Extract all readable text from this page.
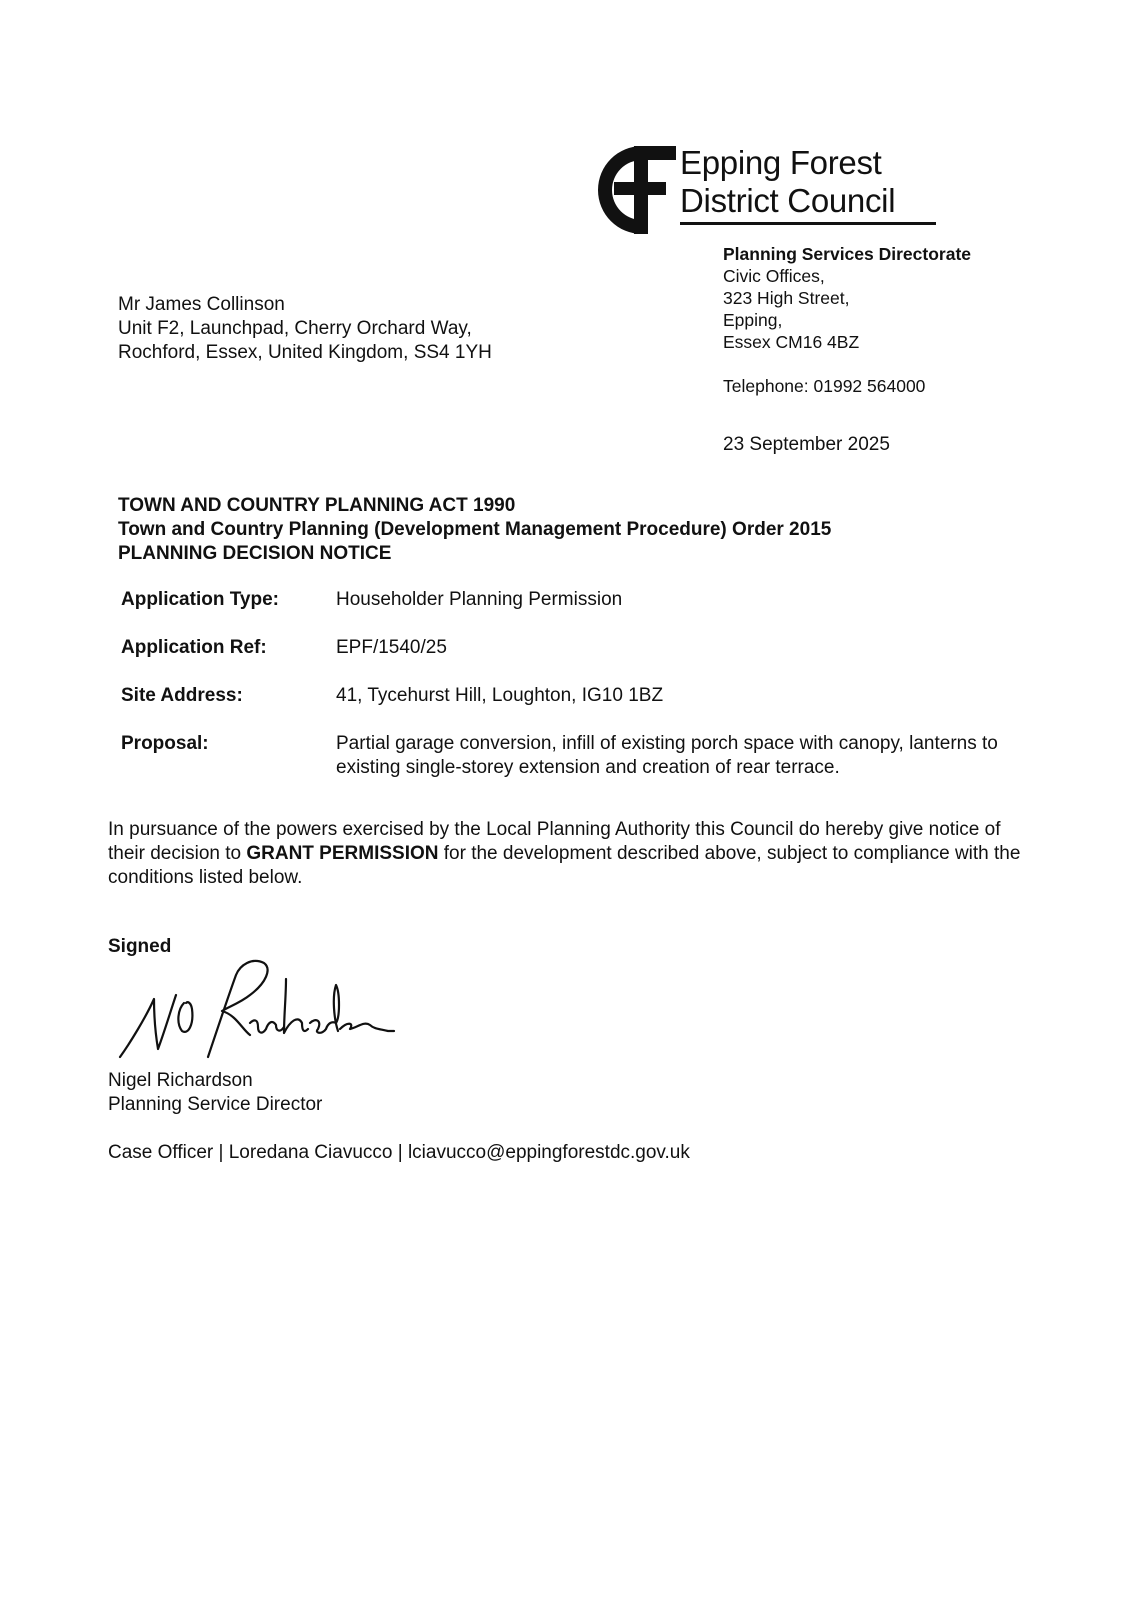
Epping Forest
District Council
Planning Services Directorate
Civic Offices,
323 High Street,
Epping,
Essex CM16 4BZ
Telephone: 01992 564000
23 September 2025
Mr James Collinson
Unit F2, Launchpad, Cherry Orchard Way,
Rochford, Essex, United Kingdom, SS4 1YH
TOWN AND COUNTRY PLANNING ACT 1990
Town and Country Planning (Development Management Procedure) Order 2015
PLANNING DECISION NOTICE
Application Type:	Householder Planning Permission
Application Ref:	EPF/1540/25
Site Address:	41, Tycehurst Hill, Loughton, IG10 1BZ
Proposal:	Partial garage conversion, infill of existing porch space with canopy, lanterns to existing single-storey extension and creation of rear terrace.
In pursuance of the powers exercised by the Local Planning Authority this Council do hereby give notice of their decision to GRANT PERMISSION for the development described above, subject to compliance with the conditions listed below.
Signed
Nigel Richardson
Planning Service Director
Case Officer | Loredana Ciavucco | lciavucco@eppingforestdc.gov.uk
